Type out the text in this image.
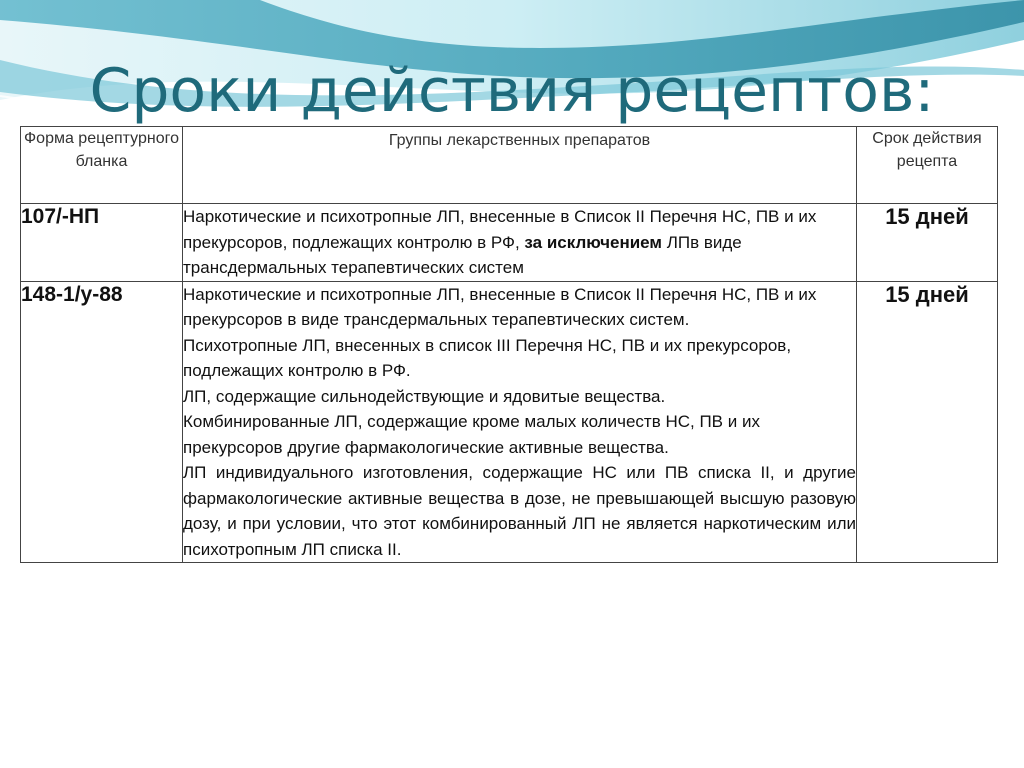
Сроки действия рецептов:
Форма рецептурного бланка	Группы лекарственных препаратов	Срок действия рецепта
107/-НП	Наркотические и психотропные ЛП, внесенные в Список II Перечня НС, ПВ и их прекурсоров, подлежащих контролю в РФ, за исключением ЛПв виде трансдермальных терапевтических систем	15 дней
148-1/у-88	Наркотические и психотропные ЛП, внесенные в Список II Перечня НС, ПВ и их прекурсоров в виде трансдермальных терапевтических систем.
Психотропные ЛП, внесенных в список III Перечня НС, ПВ и их прекурсоров, подлежащих контролю в РФ.
ЛП, содержащие сильнодействующие и ядовитые вещества.
Комбинированные ЛП, содержащие кроме малых количеств НС, ПВ и их прекурсоров другие фармакологические активные вещества.
ЛП индивидуального изготовления, содержащие НС или ПВ списка II, и другие фармакологические активные вещества в дозе, не превышающей высшую разовую дозу, и при условии, что этот комбинированный ЛП не является наркотическим или психотропным ЛП списка II.	15 дней
